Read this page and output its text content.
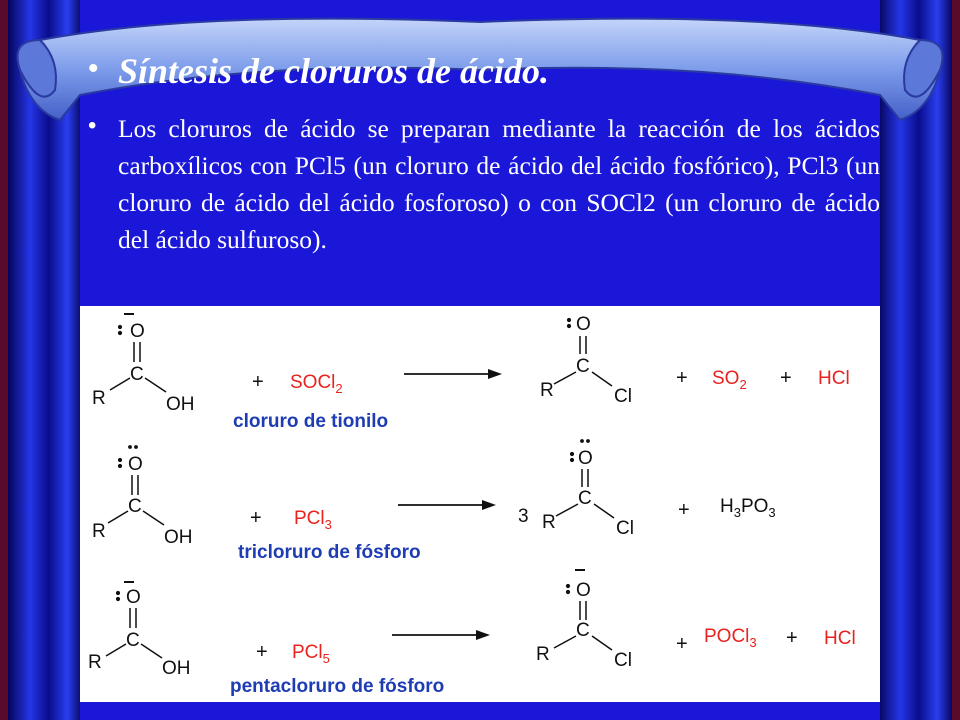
• Síntesis de cloruros de ácido.
• Los cloruros de ácido se preparan mediante la reacción de los ácidos carboxílicos con PCl5 (un cloruro de ácido del ácido fosfórico), PCl3 (un cloruro de ácido del ácido fosforoso) o con SOCl2 (un cloruro de ácido del ácido sulfuroso).
O
C
R	OH
+ SOCl$_2$
cloruro de tionilo
O
C
R	Cl
+ $SO_2$ + HCl
O
C
R	OH
+ PCl$_3$
tricloruro de fósforo
3
O
C
R	Cl
+ $H_3PO_3$
O
C
R	OH
+ PCl$_5$
pentacloruro de fósforo
O
C
R	Cl
+ POCl$_3$ + HCl
